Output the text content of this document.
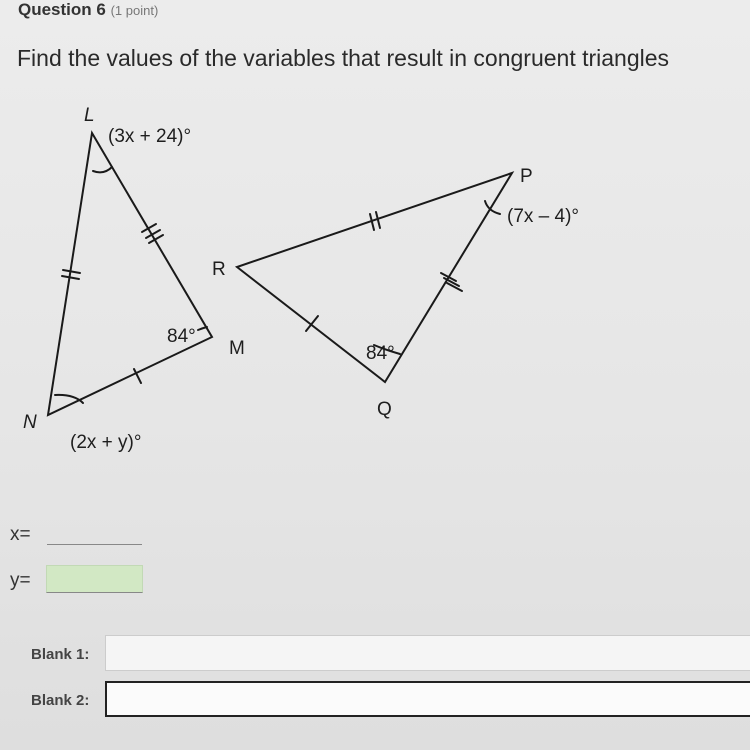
Question 6 (1 point)
Find the values of the variables that result in congruent triangles
L
M
N
P
Q
R
(3x + 24)°
84°
(2x + y)°
(7x – 4)°
84°
x=
y=
Blank 1:
Blank 2:
